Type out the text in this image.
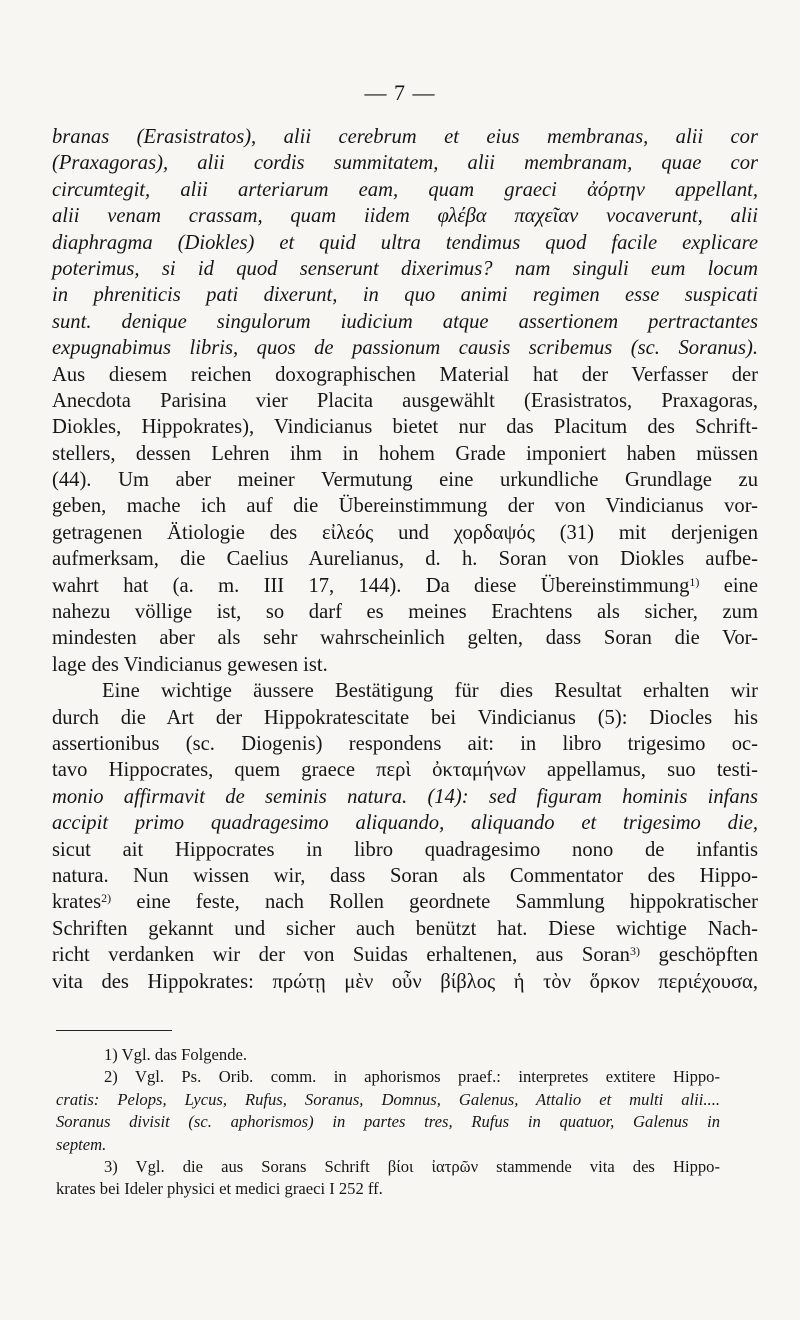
— 7 —
branas (Erasistratos), alii cerebrum et eius membranas, alii cor
(Praxagoras), alii cordis summitatem, alii membranam, quae cor
circumtegit, alii arteriarum eam, quam graeci ἀόρτην appellant,
alii venam crassam, quam iidem φλέβα παχεῖαν vocaverunt, alii
diaphragma (Diokles) et quid ultra tendimus quod facile explicare
poterimus, si id quod senserunt dixerimus? nam singuli eum locum
in phreniticis pati dixerunt, in quo animi regimen esse suspicati
sunt. denique singulorum iudicium atque assertionem pertractantes
expugnabimus libris, quos de passionum causis scribemus (sc. Soranus).
Aus diesem reichen doxographischen Material hat der Verfasser der
Anecdota Parisina vier Placita ausgewählt (Erasistratos, Praxagoras,
Diokles, Hippokrates), Vindicianus bietet nur das Placitum des Schrift-
stellers, dessen Lehren ihm in hohem Grade imponiert haben müssen
(44). Um aber meiner Vermutung eine urkundliche Grundlage zu
geben, mache ich auf die Übereinstimmung der von Vindicianus vor-
getragenen Ätiologie des εἰλεός und χορδαψός (31) mit derjenigen
aufmerksam, die Caelius Aurelianus, d. h. Soran von Diokles aufbe-
wahrt hat (a. m. III 17, 144). Da diese Übereinstimmung$^{1)}$ eine
nahezu völlige ist, so darf es meines Erachtens als sicher, zum
mindesten aber als sehr wahrscheinlich gelten, dass Soran die Vor-
lage des Vindicianus gewesen ist.
Eine wichtige äussere Bestätigung für dies Resultat erhalten wir
durch die Art der Hippokratescitate bei Vindicianus (5): Diocles his
assertionibus (sc. Diogenis) respondens ait: in libro trigesimo oc-
tavo Hippocrates, quem graece περὶ ὀκταμήνων appellamus, suo testi-
monio affirmavit de seminis natura. (14): sed figuram hominis infans
accipit primo quadragesimo aliquando, aliquando et trigesimo die,
sicut ait Hippocrates in libro quadragesimo nono de infantis
natura. Nun wissen wir, dass Soran als Commentator des Hippo-
krates$^{2)}$ eine feste, nach Rollen geordnete Sammlung hippokratischer
Schriften gekannt und sicher auch benützt hat. Diese wichtige Nach-
richt verdanken wir der von Suidas erhaltenen, aus Soran$^{3)}$ geschöpften
vita des Hippokrates: πρώτῃ μὲν οὖν βίβλος ἡ τὸν ὅρκον περιέχουσα,
1) Vgl. das Folgende.
2) Vgl. Ps. Orib. comm. in aphorismos praef.: interpretes extitere Hippo-
cratis: Pelops, Lycus, Rufus, Soranus, Domnus, Galenus, Attalio et multi alii....
Soranus divisit (sc. aphorismos) in partes tres, Rufus in quatuor, Galenus in
septem.
3) Vgl. die aus Sorans Schrift βίοι ἰατρῶν stammende vita des Hippo-
krates bei Ideler physici et medici graeci I 252 ff.
